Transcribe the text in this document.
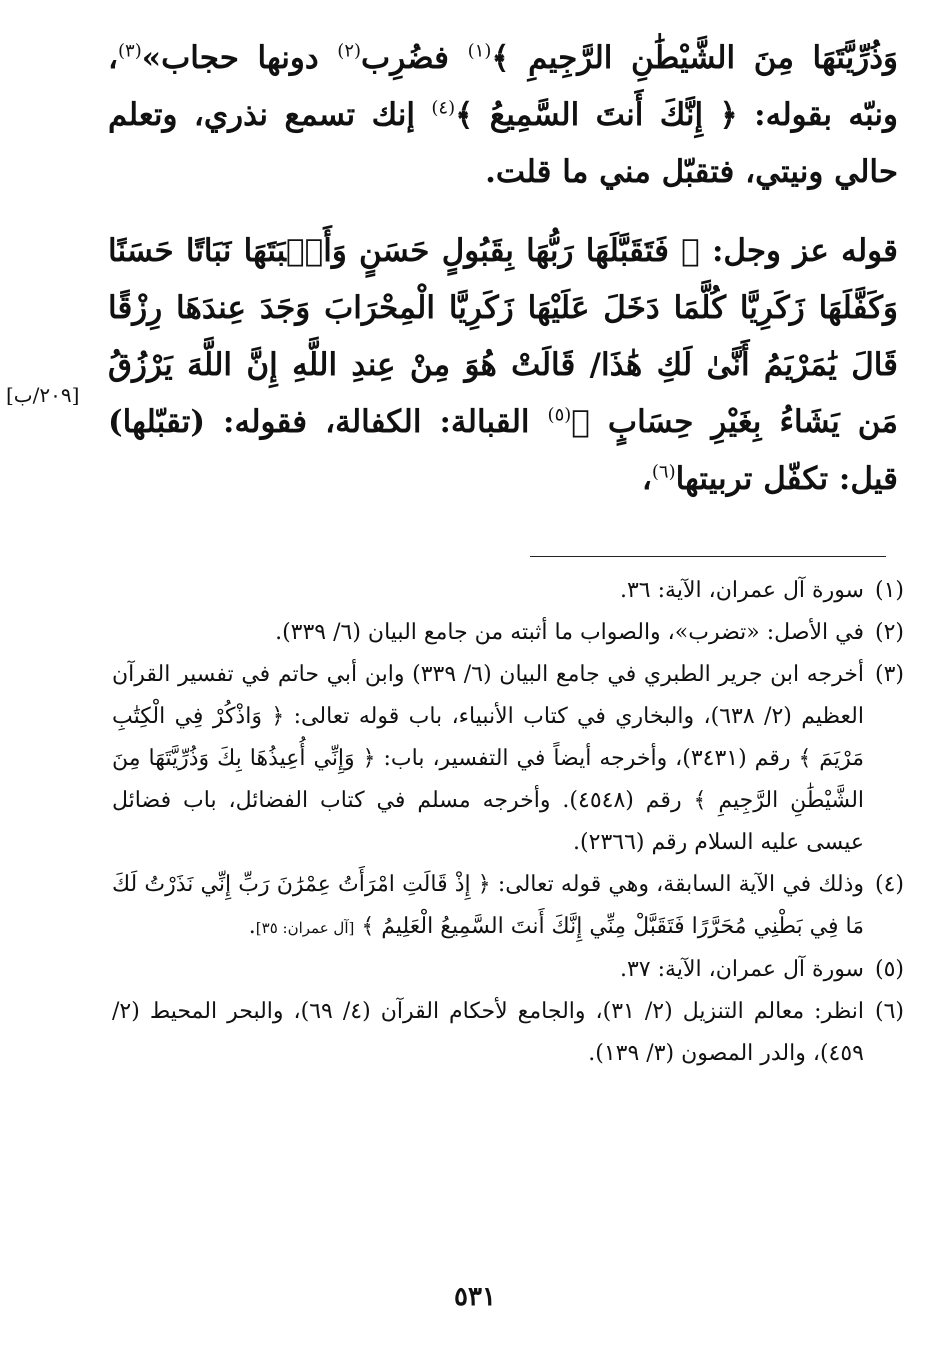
وَذُرِّيَّتَهَا مِنَ الشَّيْطَٰنِ الرَّجِيمِ ﴾$^{(١)}$ فضُرِب$^{(٢)}$ دونها حجاب»$^{(٣)}$، ونبّه بقوله: ﴿ إِنَّكَ أَنتَ السَّمِيعُ ﴾$^{(٤)}$ إنك تسمع نذري، وتعلم حالي ونيتي، فتقبّل مني ما قلت.

قوله عز وجل: ﴿ فَتَقَبَّلَهَا رَبُّهَا بِقَبُولٍ حَسَنٍ وَأَنۢبَتَهَا نَبَاتًا حَسَنًا وَكَفَّلَهَا زَكَرِيَّا كُلَّمَا دَخَلَ عَلَيْهَا زَكَرِيَّا الْمِحْرَابَ وَجَدَ عِندَهَا رِزْقًا قَالَ يَٰمَرْيَمُ أَنَّىٰ لَكِ هَٰذَا/ قَالَتْ هُوَ مِنْ عِندِ اللَّهِ إِنَّ اللَّهَ يَرْزُقُ مَن يَشَاءُ بِغَيْرِ حِسَابٍ ﴾$^{(٥)}$ القبالة: الكفالة، فقوله: (تقبّلها) قيل: تكفّل تربيتها$^{(٦)}$،

[٢٠٩/ب]
(١)
سورة آل عمران، الآية: ٣٦.
(٢)
في الأصل: «تضرب»، والصواب ما أثبته من جامع البيان (٦/ ٣٣٩).
(٣)
أخرجه ابن جرير الطبري في جامع البيان (٦/ ٣٣٩) وابن أبي حاتم في تفسير القرآن العظيم (٢/ ٦٣٨)، والبخاري في كتاب الأنبياء، باب قوله تعالى: ﴿ وَاذْكُرْ فِي الْكِتَٰبِ مَرْيَمَ ﴾ رقم (٣٤٣١)، وأخرجه أيضاً في التفسير، باب: ﴿ وَإِنِّي أُعِيذُهَا بِكَ وَذُرِّيَّتَهَا مِنَ الشَّيْطَٰنِ الرَّجِيمِ ﴾ رقم (٤٥٤٨). وأخرجه مسلم في كتاب الفضائل، باب فضائل عيسى عليه السلام رقم (٢٣٦٦).
(٤)
وذلك في الآية السابقة، وهي قوله تعالى: ﴿ إِذْ قَالَتِ امْرَأَتُ عِمْرَٰنَ رَبِّ إِنِّي نَذَرْتُ لَكَ مَا فِي بَطْنِي مُحَرَّرًا فَتَقَبَّلْ مِنِّي إِنَّكَ أَنتَ السَّمِيعُ الْعَلِيمُ ﴾ [آل عمران: ٣٥].
(٥)
سورة آل عمران، الآية: ٣٧.
(٦)
انظر: معالم التنزيل (٢/ ٣١)، والجامع لأحكام القرآن (٤/ ٦٩)، والبحر المحيط (٢/ ٤٥٩)، والدر المصون (٣/ ١٣٩).
٥٣١
